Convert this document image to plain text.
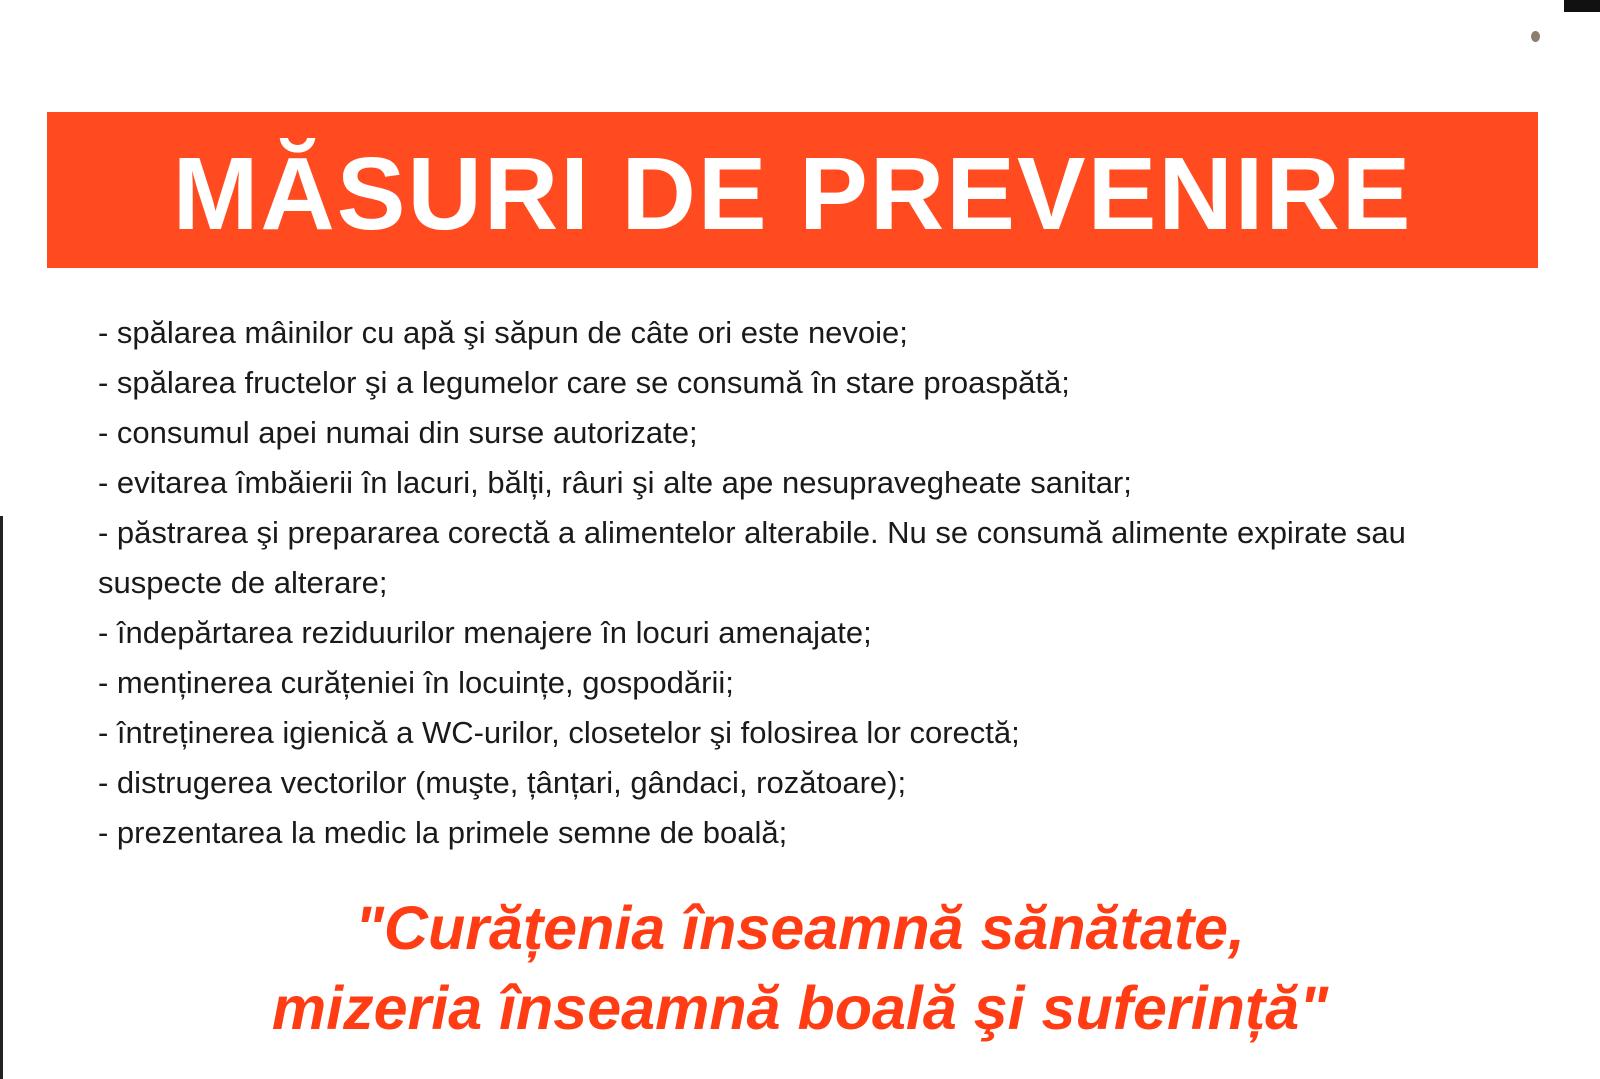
MĂSURI DE PREVENIRE
- spălarea mâinilor cu apă şi săpun de câte ori este nevoie;
- spălarea fructelor şi a legumelor care se consumă în stare proaspătă;
- consumul apei numai din surse autorizate;
- evitarea îmbăierii în lacuri, bălți, râuri şi alte ape nesupravegheate sanitar;
- păstrarea şi prepararea corectă a alimentelor alterabile. Nu se consumă alimente expirate sau suspecte de alterare;
- îndepărtarea reziduurilor menajere în locuri amenajate;
- menținerea curățeniei în locuințe, gospodării;
- întreținerea igienică a WC-urilor, closetelor şi folosirea lor corectă;
- distrugerea vectorilor (muşte, țânțari, gândaci, rozătoare);
- prezentarea la medic la primele semne de boală;
"Curățenia înseamnă sănătate,
mizeria înseamnă boală şi suferință"
